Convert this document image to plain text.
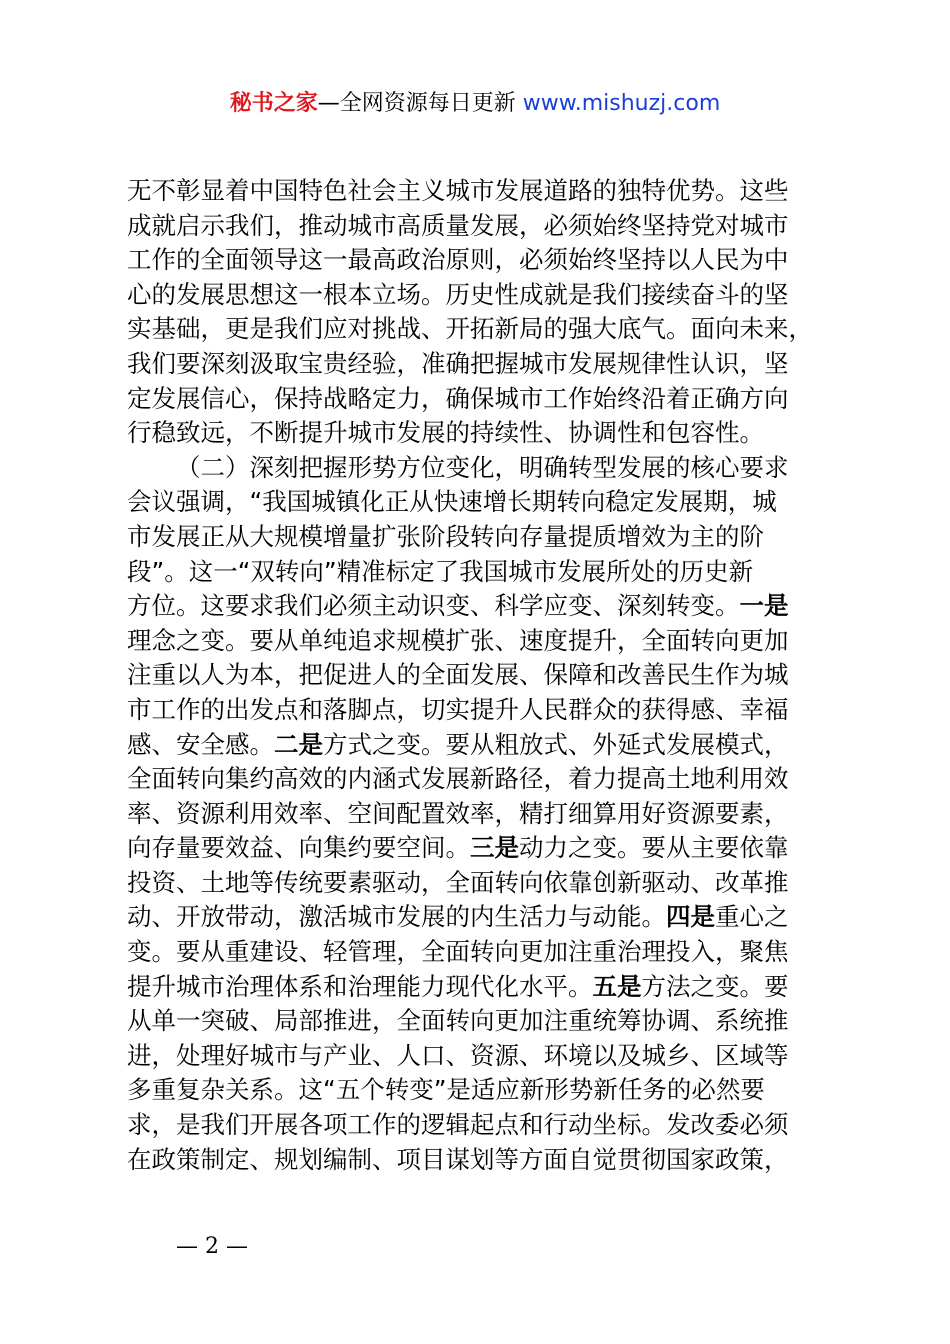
秘书之家—全网资源每日更新 www.mishuzj.com
无不彰显着中国特色社会主义城市发展道路的独特优势。这些
成就启示我们，推动城市高质量发展，必须始终坚持党对城市
工作的全面领导这一最高政治原则，必须始终坚持以人民为中
心的发展思想这一根本立场。历史性成就是我们接续奋斗的坚
实基础，更是我们应对挑战、开拓新局的强大底气。面向未来，
我们要深刻汲取宝贵经验，准确把握城市发展规律性认识，坚
定发展信心，保持战略定力，确保城市工作始终沿着正确方向
行稳致远，不断提升城市发展的持续性、协调性和包容性。
（二）深刻把握形势方位变化，明确转型发展的核心要求
会议强调，“我国城镇化正从快速增长期转向稳定发展期，城
市发展正从大规模增量扩张阶段转向存量提质增效为主的阶
段”。这一“双转向”精准标定了我国城市发展所处的历史新
方位。这要求我们必须主动识变、科学应变、深刻转变。一是
理念之变。要从单纯追求规模扩张、速度提升，全面转向更加
注重以人为本，把促进人的全面发展、保障和改善民生作为城
市工作的出发点和落脚点，切实提升人民群众的获得感、幸福
感、安全感。二是方式之变。要从粗放式、外延式发展模式，
全面转向集约高效的内涵式发展新路径，着力提高土地利用效
率、资源利用效率、空间配置效率，精打细算用好资源要素，
向存量要效益、向集约要空间。三是动力之变。要从主要依靠
投资、土地等传统要素驱动，全面转向依靠创新驱动、改革推
动、开放带动，激活城市发展的内生活力与动能。四是重心之
变。要从重建设、轻管理，全面转向更加注重治理投入，聚焦
提升城市治理体系和治理能力现代化水平。五是方法之变。要
从单一突破、局部推进，全面转向更加注重统筹协调、系统推
进，处理好城市与产业、人口、资源、环境以及城乡、区域等
多重复杂关系。这“五个转变”是适应新形势新任务的必然要
求，是我们开展各项工作的逻辑起点和行动坐标。发改委必须
在政策制定、规划编制、项目谋划等方面自觉贯彻国家政策，
— 2 —
